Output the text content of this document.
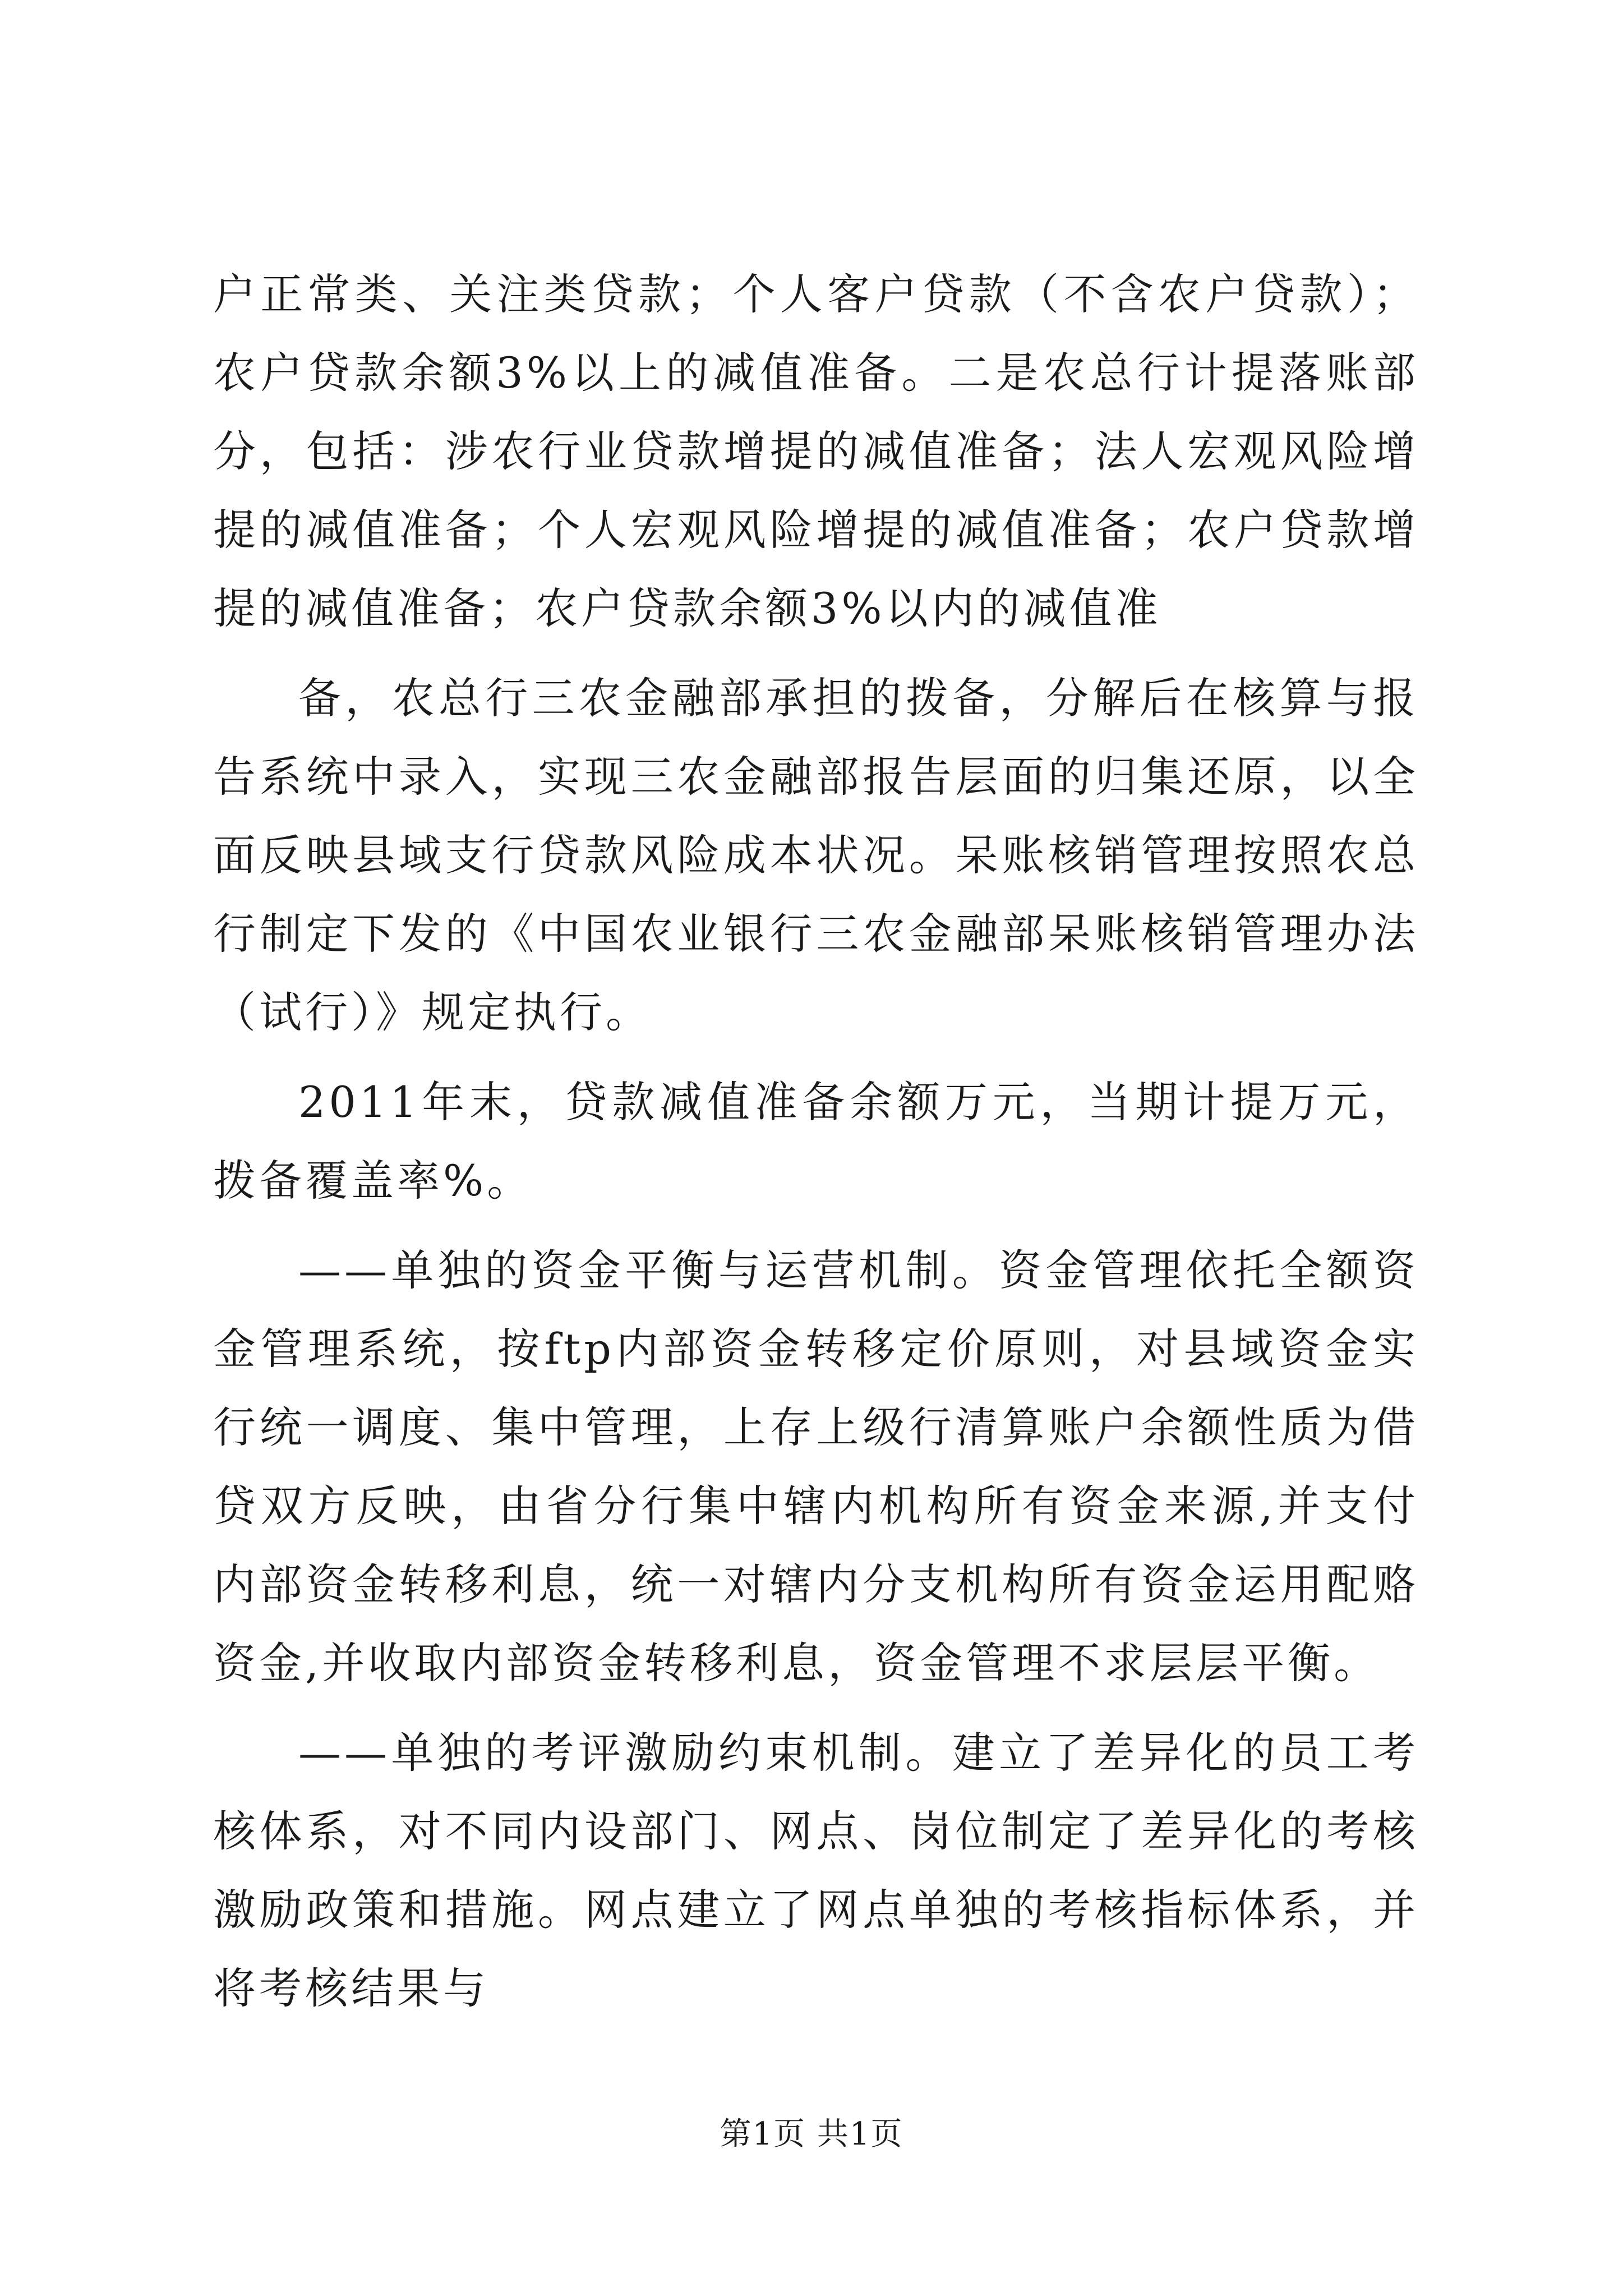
户正常类、关注类贷款；个人客户贷款（不含农户贷款）；农户贷款余额3%以上的减值准备。二是农总行计提落账部分，包括：涉农行业贷款增提的减值准备；法人宏观风险增提的减值准备；个人宏观风险增提的减值准备；农户贷款增提的减值准备；农户贷款余额3%以内的减值准

备，农总行三农金融部承担的拨备，分解后在核算与报告系统中录入，实现三农金融部报告层面的归集还原，以全面反映县域支行贷款风险成本状况。呆账核销管理按照农总行制定下发的《中国农业银行三农金融部呆账核销管理办法（试行）》规定执行。

2011年末，贷款减值准备余额万元，当期计提万元，拨备覆盖率%。

——单独的资金平衡与运营机制。资金管理依托全额资金管理系统，按ftp内部资金转移定价原则，对县域资金实行统一调度、集中管理，上存上级行清算账户余额性质为借贷双方反映，由省分行集中辖内机构所有资金来源,并支付内部资金转移利息，统一对辖内分支机构所有资金运用配赂资金,并收取内部资金转移利息，资金管理不求层层平衡。

——单独的考评激励约束机制。建立了差异化的员工考核体系，对不同内设部门、网点、岗位制定了差异化的考核激励政策和措施。网点建立了网点单独的考核指标体系，并将考核结果与

第1页 共1页
